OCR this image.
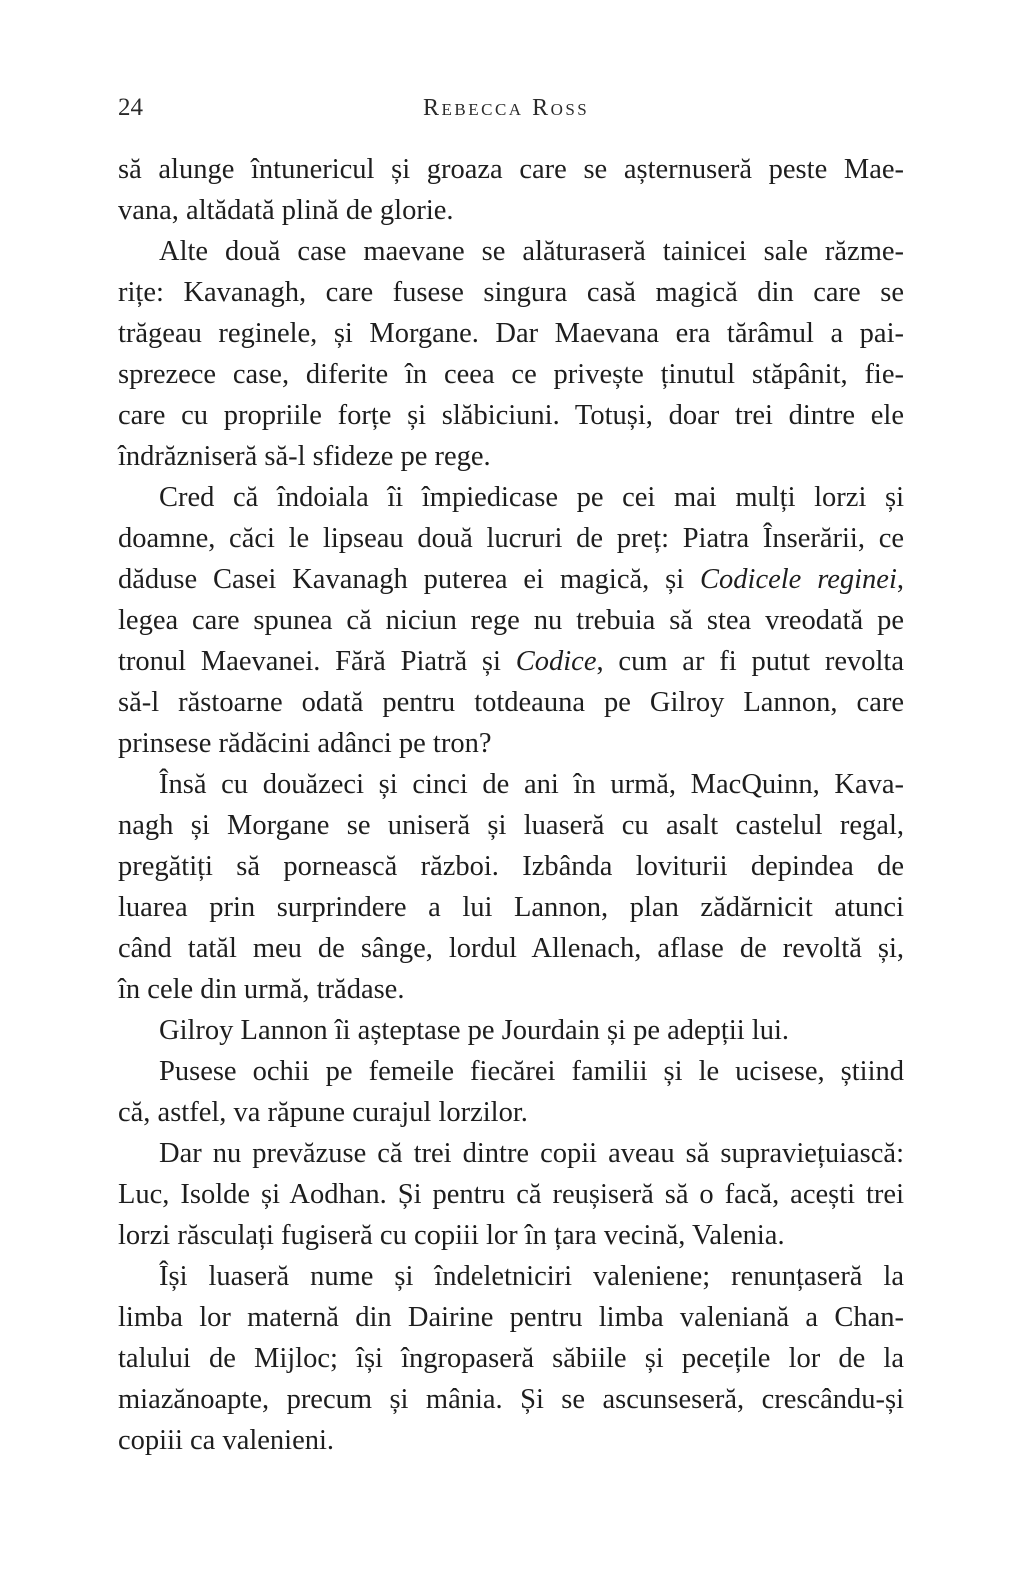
24	Rebecca Ross
să alunge întunericul și groaza care se așternuseră peste Mae-
vana, altădată plină de glorie.
Alte două case maevane se alăturaseră tainicei sale răzme-
rițe: Kavanagh, care fusese singura casă magică din care se
trăgeau reginele, și Morgane. Dar Maevana era tărâmul a pai-
sprezece case, diferite în ceea ce privește ținutul stăpânit, fie-
care cu propriile forțe și slăbiciuni. Totuși, doar trei dintre ele
îndrăzniseră să-l sfideze pe rege.
Cred că îndoiala îi împiedicase pe cei mai mulți lorzi și
doamne, căci le lipseau două lucruri de preț: Piatra Înserării, ce
dăduse Casei Kavanagh puterea ei magică, și Codicele reginei,
legea care spunea că niciun rege nu trebuia să stea vreodată pe
tronul Maevanei. Fără Piatră și Codice, cum ar fi putut revolta
să-l răstoarne odată pentru totdeauna pe Gilroy Lannon, care
prinsese rădăcini adânci pe tron?
Însă cu douăzeci și cinci de ani în urmă, MacQuinn, Kava-
nagh și Morgane se uniseră și luaseră cu asalt castelul regal,
pregătiți să pornească război. Izbânda loviturii depindea de
luarea prin surprindere a lui Lannon, plan zădărnicit atunci
când tatăl meu de sânge, lordul Allenach, aflase de revoltă și,
în cele din urmă, trădase.
Gilroy Lannon îi așteptase pe Jourdain și pe adepții lui.
Pusese ochii pe femeile fiecărei familii și le ucisese, știind
că, astfel, va răpune curajul lorzilor.
Dar nu prevăzuse că trei dintre copii aveau să supraviețuiască:
Luc, Isolde și Aodhan. Și pentru că reușiseră să o facă, acești trei
lorzi răsculați fugiseră cu copiii lor în țara vecină, Valenia.
Își luaseră nume și îndeletniciri valeniene; renunțaseră la
limba lor maternă din Dairine pentru limba valeniană a Chan-
talului de Mijloc; își îngropaseră săbiile și pecețile lor de la
miazănoapte, precum și mânia. Și se ascunseseră, crescându-și
copiii ca valenieni.
